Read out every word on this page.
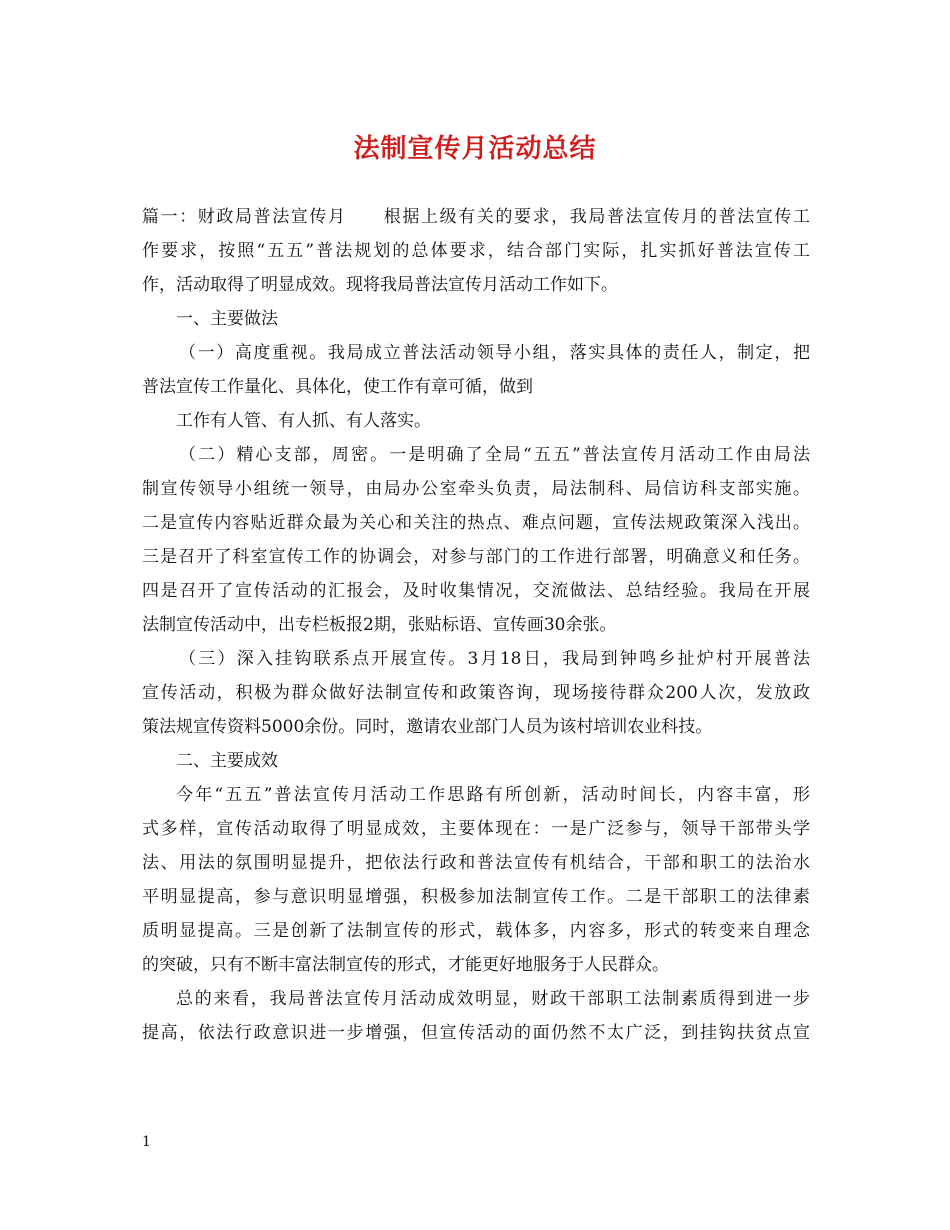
法制宣传月活动总结
篇一：财政局普法宣传月　　根据上级有关的要求，我局普法宣传月的普法宣传工
作要求，按照“五五”普法规划的总体要求，结合部门实际，扎实抓好普法宣传工
作，活动取得了明显成效。现将我局普法宣传月活动工作如下。
一、主要做法
（一）高度重视。我局成立普法活动领导小组，落实具体的责任人，制定，把
普法宣传工作量化、具体化，使工作有章可循，做到
工作有人管、有人抓、有人落实。
（二）精心支部，周密。一是明确了全局“五五”普法宣传月活动工作由局法
制宣传领导小组统一领导，由局办公室牵头负责，局法制科、局信访科支部实施。
二是宣传内容贴近群众最为关心和关注的热点、难点问题，宣传法规政策深入浅出。
三是召开了科室宣传工作的协调会，对参与部门的工作进行部署，明确意义和任务。
四是召开了宣传活动的汇报会，及时收集情况，交流做法、总结经验。我局在开展
法制宣传活动中，出专栏板报2期，张贴标语、宣传画30余张。
（三）深入挂钩联系点开展宣传。3月18日，我局到钟鸣乡扯炉村开展普法
宣传活动，积极为群众做好法制宣传和政策咨询，现场接待群众200人次，发放政
策法规宣传资料5000余份。同时，邀请农业部门人员为该村培训农业科技。
二、主要成效
今年“五五”普法宣传月活动工作思路有所创新，活动时间长，内容丰富，形
式多样，宣传活动取得了明显成效，主要体现在：一是广泛参与，领导干部带头学
法、用法的氛围明显提升，把依法行政和普法宣传有机结合，干部和职工的法治水
平明显提高，参与意识明显增强，积极参加法制宣传工作。二是干部职工的法律素
质明显提高。三是创新了法制宣传的形式，载体多，内容多，形式的转变来自理念
的突破，只有不断丰富法制宣传的形式，才能更好地服务于人民群众。
总的来看，我局普法宣传月活动成效明显，财政干部职工法制素质得到进一步
提高，依法行政意识进一步增强，但宣传活动的面仍然不太广泛，到挂钩扶贫点宣
1
